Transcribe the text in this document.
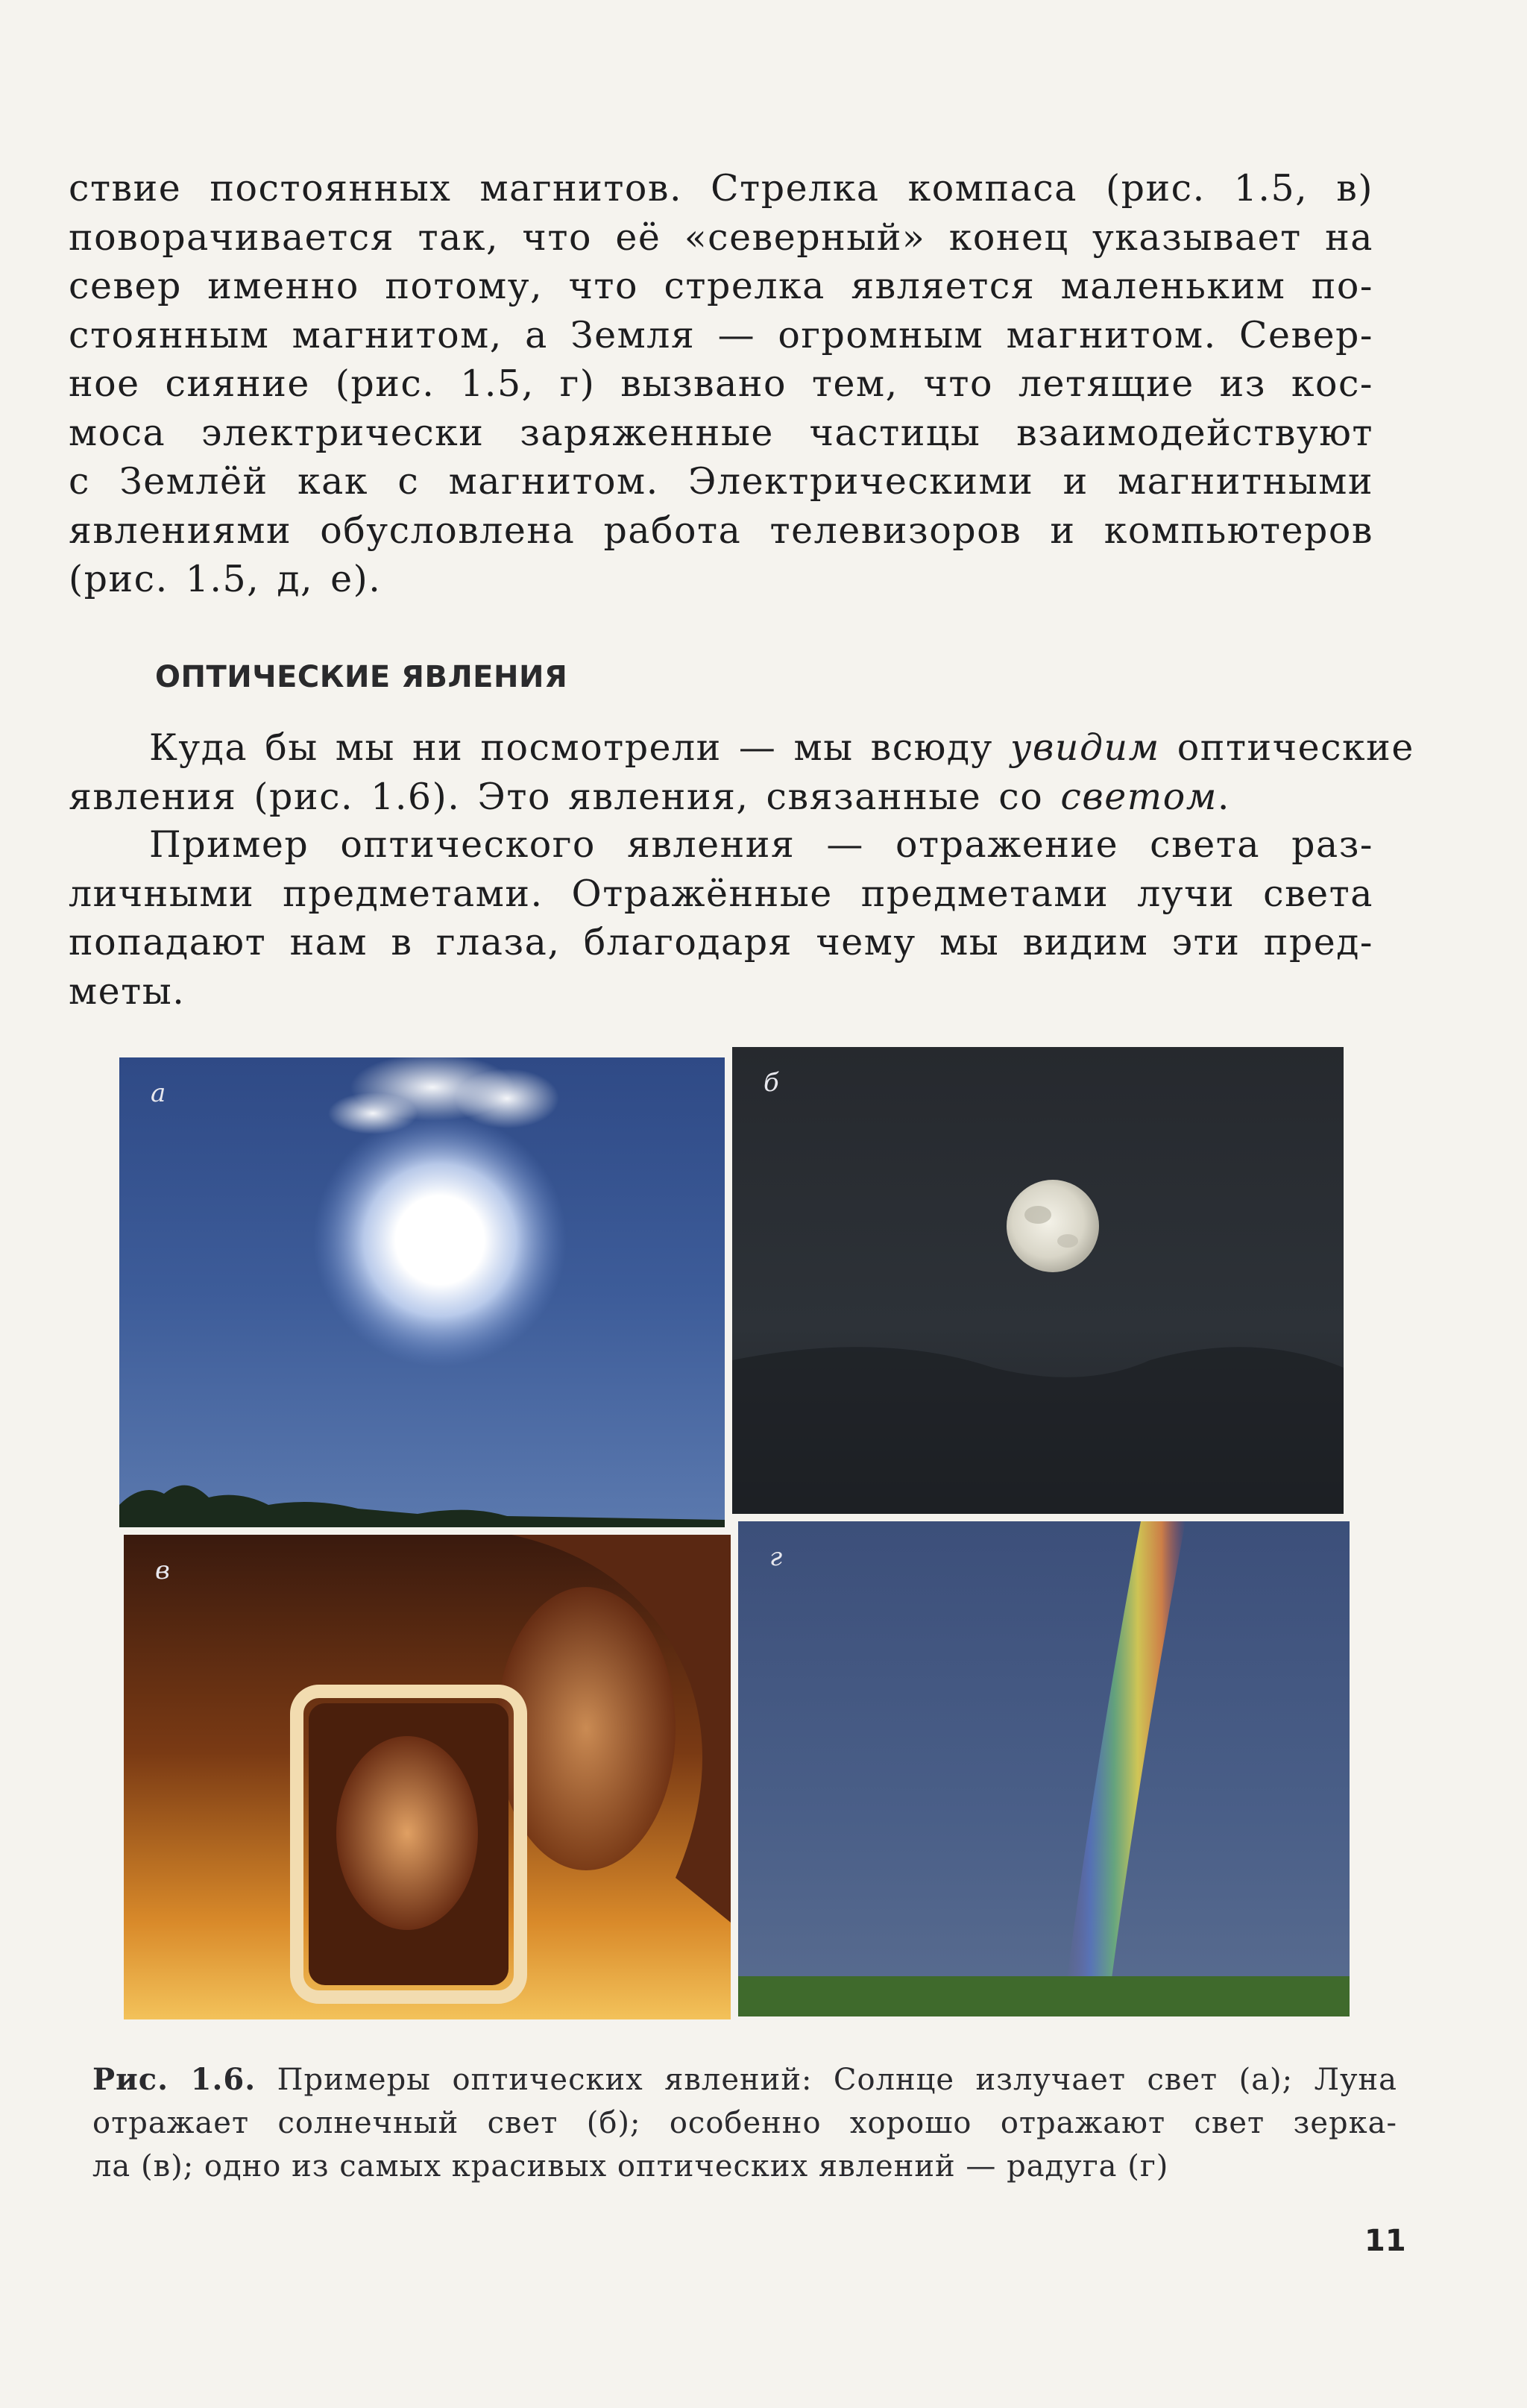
ствие постоянных магнитов. Стрелка компаса (рис. 1.5, в)
поворачивается так, что её «северный» конец указывает на
север именно потому, что стрелка является маленьким по-
стоянным магнитом, а Земля — огромным магнитом. Север-
ное сияние (рис. 1.5, г) вызвано тем, что летящие из кос-
моса электрически заряженные частицы взаимодействуют
с Землёй как с магнитом. Электрическими и магнитными
явлениями обусловлена работа телевизоров и компьютеров
(рис. 1.5, д, е).
ОПТИЧЕСКИЕ ЯВЛЕНИЯ
Куда бы мы ни посмотрели — мы всюду увидим оптические
явления (рис. 1.6). Это явления, связанные со светом.
Пример оптического явления — отражение света раз-
личными предметами. Отражённые предметами лучи света
попадают нам в глаза, благодаря чему мы видим эти пред-
меты.
а	б
в	г
Рис. 1.6. Примеры оптических явлений: Солнце излучает свет (а); Луна
отражает солнечный свет (б); особенно хорошо отражают свет зерка-
ла (в); одно из самых красивых оптических явлений — радуга (г)
11
